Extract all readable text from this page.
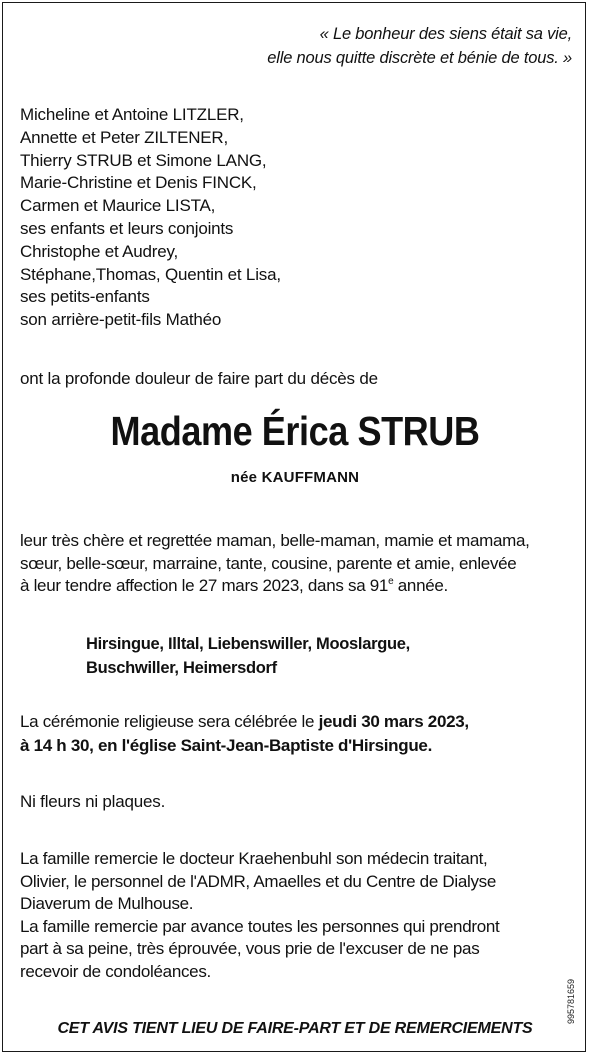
« Le bonheur des siens était sa vie,
elle nous quitte discrète et bénie de tous. »
Micheline et Antoine LITZLER,
Annette et Peter ZILTENER,
Thierry STRUB et Simone LANG,
Marie-Christine et Denis FINCK,
Carmen et Maurice LISTA,
ses enfants et leurs conjoints
Christophe et Audrey,
Stéphane,Thomas, Quentin et Lisa,
ses petits-enfants
son arrière-petit-fils Mathéo
ont la profonde douleur de faire part du décès de
Madame Érica STRUB
née KAUFFMANN
leur très chère et regrettée maman, belle-maman, mamie et mamama,
sœur, belle-sœur, marraine, tante, cousine, parente et amie, enlevée
à leur tendre affection le 27 mars 2023, dans sa 91e année.
Hirsingue, Illtal, Liebenswiller, Mooslargue,
Buschwiller, Heimersdorf
La cérémonie religieuse sera célébrée le jeudi 30 mars 2023,
à 14 h 30, en l'église Saint-Jean-Baptiste d'Hirsingue.
Ni fleurs ni plaques.
La famille remercie le docteur Kraehenbuhl son médecin traitant,
Olivier, le personnel de l'ADMR, Amaelles et du Centre de Dialyse
Diaverum de Mulhouse.
La famille remercie par avance toutes les personnes qui prendront
part à sa peine, très éprouvée, vous prie de l'excuser de ne pas
recevoir de condoléances.
CET AVIS TIENT LIEU DE FAIRE-PART ET DE REMERCIEMENTS
995781659
